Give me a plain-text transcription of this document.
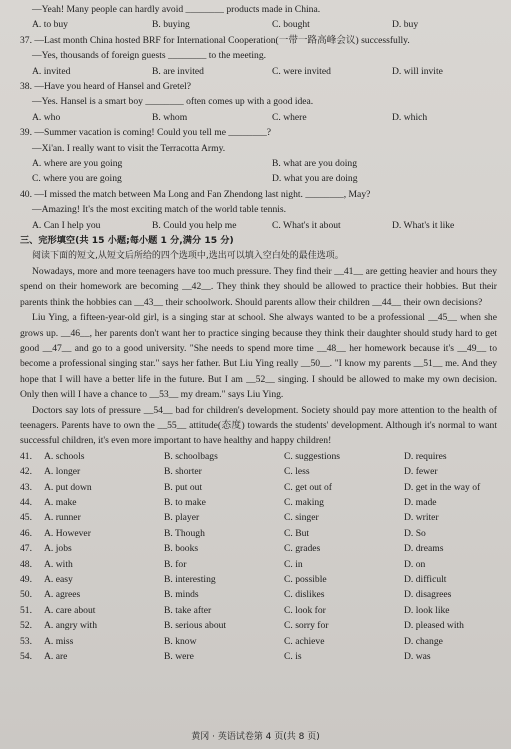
—Yeah! Many people can hardly avoid ________ products made in China.
A. to buy	B. buying	C. bought	D. buy
37. —Last month China hosted BRF for International Cooperation(一带一路高峰会议) successfully.
—Yes, thousands of foreign guests ________ to the meeting.
A. invited	B. are invited	C. were invited	D. will invite
38. —Have you heard of Hansel and Gretel?
—Yes. Hansel is a smart boy ________ often comes up with a good idea.
A. who	B. whom	C. where	D. which
39. —Summer vacation is coming! Could you tell me ________?
—Xi'an. I really want to visit the Terracotta Army.
A. where are you going	B. what are you doing
C. where you are going	D. what you are doing
40. —I missed the match between Ma Long and Fan Zhendong last night. ________, May?
—Amazing! It's the most exciting match of the world table tennis.
A. Can I help you	B. Could you help me	C. What's it about	D. What's it like
三、完形填空(共 15 小题;每小题 1 分,满分 15 分)
阅读下面的短文,从短文后所给的四个选项中,选出可以填入空白处的最佳选项。
Nowadays, more and more teenagers have too much pressure. They find their __41__ are getting heavier and hours they spend on their homework are becoming __42__. They think they should be allowed to practice their hobbies. But their parents think the hobbies can __43__ their schoolwork. Should parents allow their children __44__ their own decisions?
Liu Ying, a fifteen-year-old girl, is a singing star at school. She always wanted to be a professional __45__ when she grows up. __46__, her parents don't want her to practice singing because they think their daughter should study hard to get good __47__ and go to a good university. "She needs to spend more time __48__ her homework because it's __49__ to become a professional singing star." says her father. But Liu Ying really __50__. "I know my parents __51__ me. And they hope that I will have a better life in the future. But I am __52__ singing. I should be allowed to make my own decision. Only then will I have a chance to __53__ my dream." says Liu Ying.
Doctors say lots of pressure __54__ bad for children's development. Society should pay more attention to the health of teenagers. Parents have to own the __55__ attitude(态度) towards the students' development. Although it's normal to want successful children, it's even more important to have healthy and happy children!
41.	A. schools	B. schoolbags	C. suggestions	D. requires
42.	A. longer	B. shorter	C. less	D. fewer
43.	A. put down	B. put out	C. get out of	D. get in the way of
44.	A. make	B. to make	C. making	D. made
45.	A. runner	B. player	C. singer	D. writer
46.	A. However	B. Though	C. But	D. So
47.	A. jobs	B. books	C. grades	D. dreams
48.	A. with	B. for	C. in	D. on
49.	A. easy	B. interesting	C. possible	D. difficult
50.	A. agrees	B. minds	C. dislikes	D. disagrees
51.	A. care about	B. take after	C. look for	D. look like
52.	A. angry with	B. serious about	C. sorry for	D. pleased with
53.	A. miss	B. know	C. achieve	D. change
54.	A. are	B. were	C. is	D. was
黄冈 · 英语试卷第 4 页(共 8 页)
